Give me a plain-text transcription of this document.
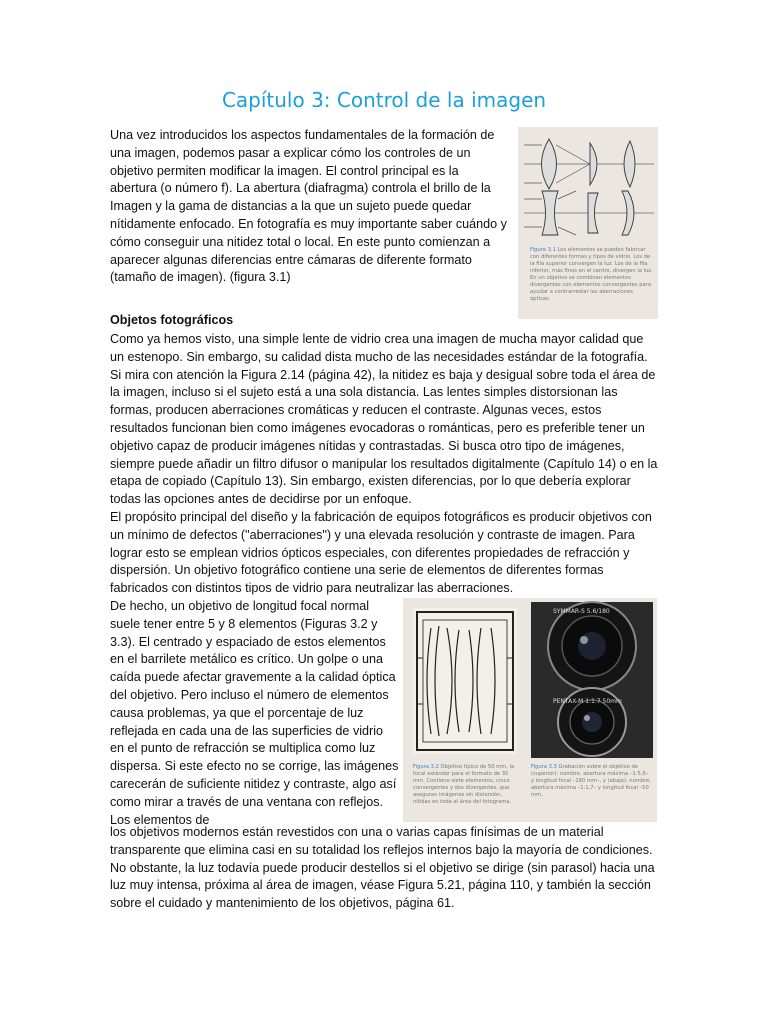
Capítulo 3: Control de la imagen

Una vez introducidos los aspectos fundamentales de la formación de una imagen, podemos pasar a explicar cómo los controles de un objetivo permiten modificar la imagen. El control principal es la abertura (o número f). La abertura (diafragma) controla el brillo de la Imagen y la gama de distancias a la que un sujeto puede quedar nítidamente enfocado. En fotografía es muy importante saber cuándo y cómo conseguir una nitidez total o local. En este punto comienzan a aparecer algunas diferencias entre cámaras de diferente formato (tamaño de imagen). (figura 3.1)

Figura 3.1 Los elementos se pueden fabricar con diferentes formas y tipos de vidrio. Los de la fila superior convergen la luz. Los de la fila inferior, más finos en el centro, divergen la luz. En un objetivo se combinan elementos divergentes con elementos convergentes para ayudar a contrarrestar las aberraciones ópticas.
Objetos fotográficos

Como ya hemos visto, una simple lente de vidrio crea una imagen de mucha mayor calidad que un estenopo. Sin embargo, su calidad dista mucho de las necesidades estándar de la fotografía. Si mira con atención la Figura 2.14 (página 42), la nitidez es baja y desigual sobre toda el área de la imagen, incluso si el sujeto está a una sola distancia. Las lentes simples distorsionan las formas, producen aberraciones cromáticas y reducen el contraste. Algunas veces, estos resultados funcionan bien como imágenes evocadoras o románticas, pero es preferible tener un objetivo capaz de producir imágenes nítidas y contrastadas. Si busca otro tipo de imágenes, siempre puede añadir un filtro difusor o manipular los resultados digitalmente (Capítulo 14) o en la etapa de copiado (Capítulo 13). Sin embargo, existen diferencias, por lo que debería explorar todas las opciones antes de decidirse por un enfoque.

El propósito principal del diseño y la fabricación de equipos fotográficos es producir objetivos con un mínimo de defectos ("aberraciones") y una elevada resolución y contraste de imagen. Para lograr esto se emplean vidrios ópticos especiales, con diferentes propiedades de refracción y dispersión. Un objetivo fotográfico contiene una serie de elementos de diferentes formas fabricados con distintos tipos de vidrio para neutralizar las aberraciones.

De hecho, un objetivo de longitud focal normal suele tener entre 5 y 8 elementos (Figuras 3.2 y 3.3). El centrado y espaciado de estos elementos en el barrilete metálico es crítico. Un golpe o una caída puede afectar gravemente a la calidad óptica del objetivo. Pero incluso el número de elementos causa problemas, ya que el porcentaje de luz reflejada en cada una de las superficies de vidrio en el punto de refracción se multiplica como luz dispersa. Si este efecto no se corrige, las imágenes carecerán de suficiente nitidez y contraste, algo así como mirar a través de una ventana con reflejos. Los elementos de

SYMMAR-S 5.6/180
PENTAX-M 1:1.7 50mm
Figura 3.2 Objetivo típico de 50 mm, la focal estándar para el formato de 35 mm. Contiene siete elementos, cinco convergentes y dos divergentes, que aseguran imágenes sin distorsión, nítidas en toda el área del fotograma.
Figura 3.3 Grabación sobre el objetivo de (superior): nombre, abertura máxima –1:5,6– y longitud focal –180 mm–, y (abajo): nombre, abertura máxima –1:1,7– y longitud focal –50 mm.

los objetivos modernos están revestidos con una o varias capas finísimas de un material transparente que elimina casi en su totalidad los reflejos internos bajo la mayoría de condiciones. No obstante, la luz todavía puede producir destellos si el objetivo se dirige (sin parasol) hacia una luz muy intensa, próxima al área de imagen, véase Figura 5.21, página 110, y también la sección sobre el cuidado y mantenimiento de los objetivos, página 61.
